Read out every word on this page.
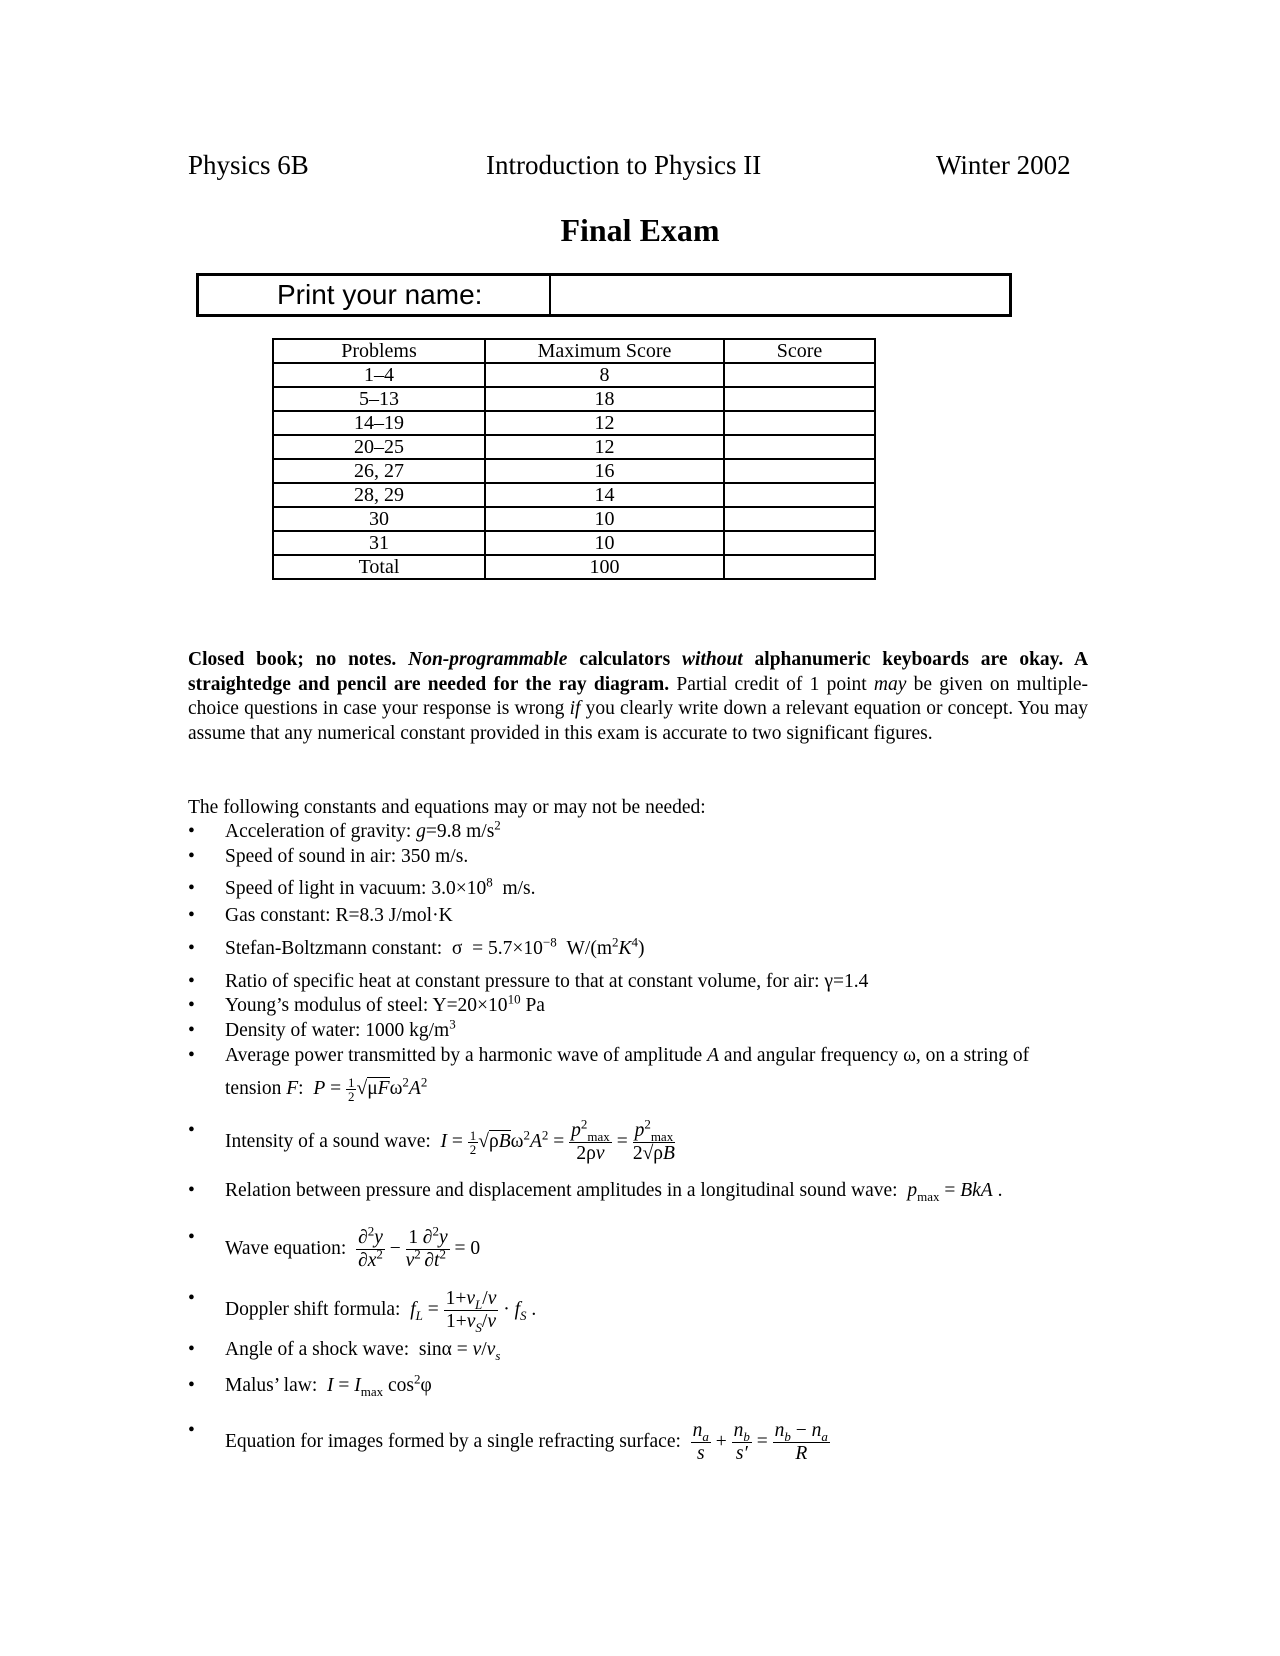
Physics 6B	Introduction to Physics II	Winter 2002
Final Exam
Print your name:
Problems	Maximum Score	Score
1–4	8	
5–13	18	
14–19	12	
20–25	12	
26, 27	16	
28, 29	14	
30	10	
31	10	
Total	100	
Closed book; no notes. Non-programmable calculators without alphanumeric keyboards are okay. A straightedge and pencil are needed for the ray diagram. Partial credit of 1 point may be given on multiple-choice questions in case your response is wrong if you clearly write down a relevant equation or concept. You may assume that any numerical constant provided in this exam is accurate to two significant figures.
The following constants and equations may or may not be needed:
• Acceleration of gravity: g=9.8 $m/s^2$
• Speed of sound in air: 350 m/s.
• Speed of light in vacuum: $3.0\times 10^8$  m/s.
• Gas constant: R=8.3 J/mol·K
• Stefan-Boltzmann constant:  $\sigma = 5.7\times 10^{-8}$  $W/(m^2K^4)$
• Ratio of specific heat at constant pressure to that at constant volume, for air: γ=1.4
• Young’s modulus of steel: $Y=20\times 10^{10}$ Pa
• Density of water: 1000 $kg/m^3$
• Average power transmitted by a harmonic wave of amplitude A and angular frequency ω, on a string of
tension F:  $P = \frac{1}{2} √\mu F\omega^2A^2$
•
Intensity of a sound wave: $I = \frac{1}{2} √\rho B\omega^2A^2 = \frac{p^2_{max}}{2\rho v} = \frac{p^2_{max}}{2√\rho B}$
• Relation between pressure and displacement amplitudes in a longitudinal sound wave: $p_{max}$ = BkA .
•
Wave equation: $\frac{\partial^2y}{\partial x^2} - \frac{1}{v^2} \frac{\partial^2y}{\partial t^2} = 0$
•
Doppler shift formula: $f_L = \frac{1+v_L/v}{1+v_S/v} \cdot f_S$ .
• Angle of a shock wave:  $\sin\alpha = v/v_s$
• Malus’ law: $I = I_{max}$ $\cos^2\varphi$
•
Equation for images formed by a single refracting surface: $\frac{n_a}{s} + \frac{n_b}{s'} = \frac{n_b - n_a}{R}$
